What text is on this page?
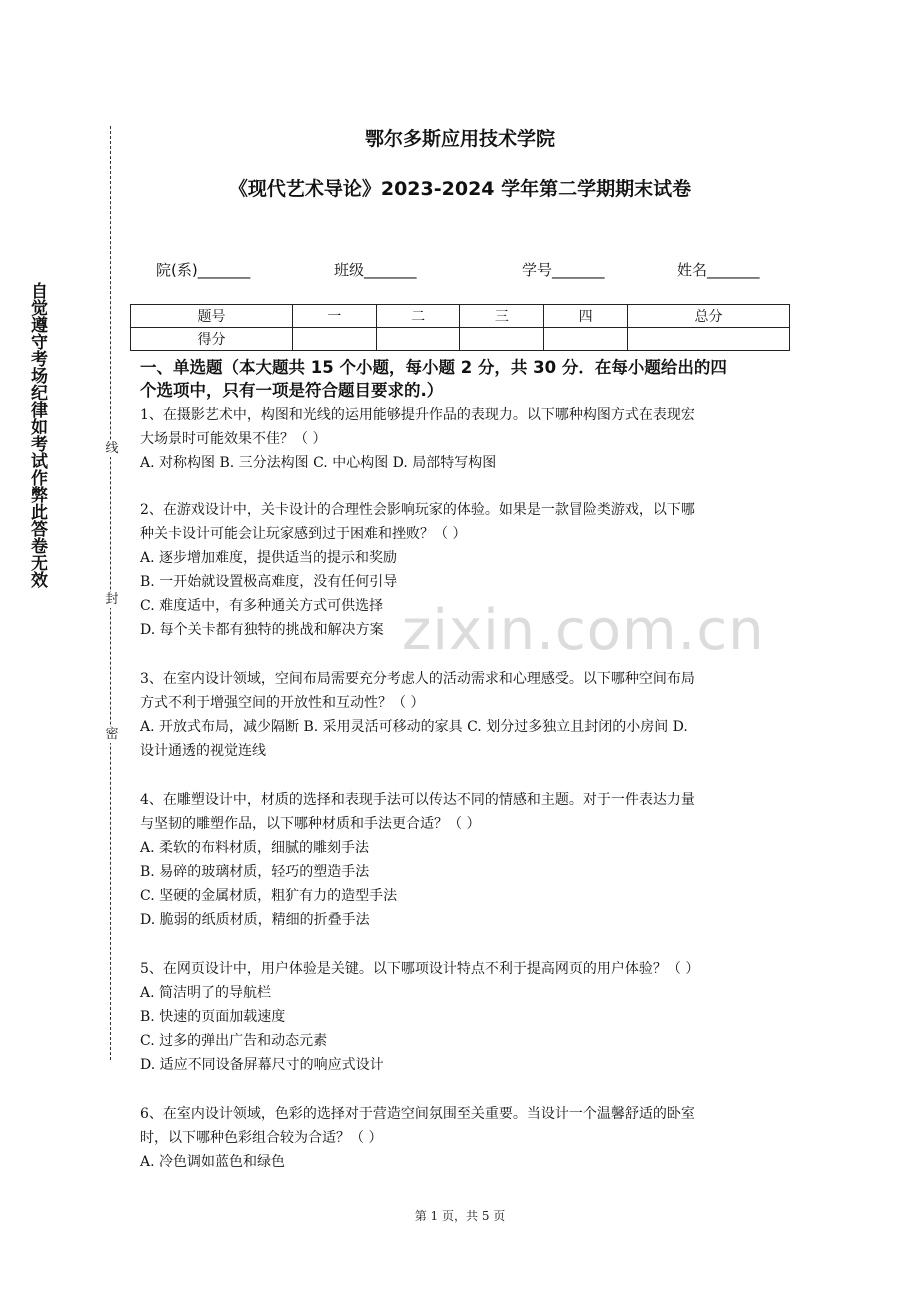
自觉遵守考场纪律如考试作弊此答卷无效	线
封
密
鄂尔多斯应用技术学院
《现代艺术导论》2023-2024 学年第二学期期末试卷
院(系)_______	班级_______	学号_______	姓名_______
题号	一	二	三	四	总分
得分					
一、单选题（本大题共 15 个小题，每小题 2 分，共 30 分．在每小题给出的四
个选项中，只有一项是符合题目要求的.）
1、在摄影艺术中，构图和光线的运用能够提升作品的表现力。以下哪种构图方式在表现宏
大场景时可能效果不佳？（ ）
A. 对称构图 B. 三分法构图 C. 中心构图 D. 局部特写构图
2、在游戏设计中，关卡设计的合理性会影响玩家的体验。如果是一款冒险类游戏，以下哪
种关卡设计可能会让玩家感到过于困难和挫败？（ ）
A. 逐步增加难度，提供适当的提示和奖励
B. 一开始就设置极高难度，没有任何引导
C. 难度适中，有多种通关方式可供选择
D. 每个关卡都有独特的挑战和解决方案
3、在室内设计领域，空间布局需要充分考虑人的活动需求和心理感受。以下哪种空间布局
方式不利于增强空间的开放性和互动性？（ ）
A. 开放式布局，减少隔断 B. 采用灵活可移动的家具 C. 划分过多独立且封闭的小房间 D.
设计通透的视觉连线
4、在雕塑设计中，材质的选择和表现手法可以传达不同的情感和主题。对于一件表达力量
与坚韧的雕塑作品，以下哪种材质和手法更合适？（ ）
A. 柔软的布料材质，细腻的雕刻手法
B. 易碎的玻璃材质，轻巧的塑造手法
C. 坚硬的金属材质，粗犷有力的造型手法
D. 脆弱的纸质材质，精细的折叠手法
5、在网页设计中，用户体验是关键。以下哪项设计特点不利于提高网页的用户体验？（ ）
A. 简洁明了的导航栏
B. 快速的页面加载速度
C. 过多的弹出广告和动态元素
D. 适应不同设备屏幕尺寸的响应式设计
6、在室内设计领域，色彩的选择对于营造空间氛围至关重要。当设计一个温馨舒适的卧室
时，以下哪种色彩组合较为合适？（ ）
A. 冷色调如蓝色和绿色
zixin.com.cn
第 1 页，共 5 页
